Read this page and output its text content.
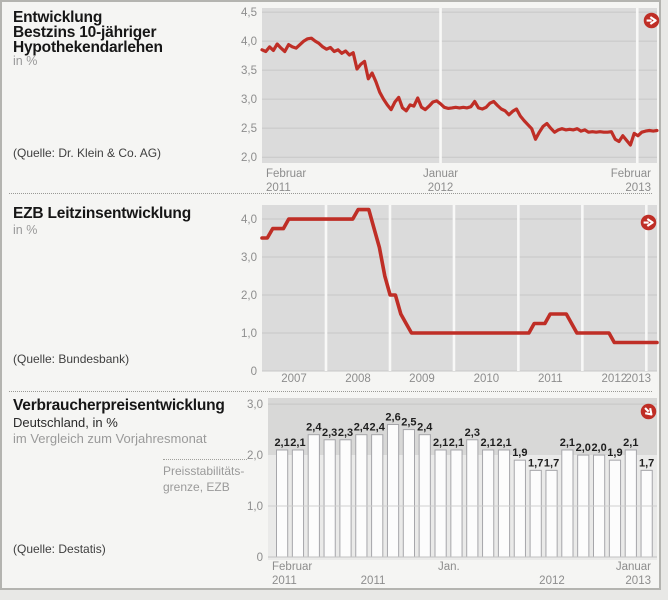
4,5
4,0
3,5
3,0
2,5
2,0
Februar
2011
Januar
2012
Februar
2013
4,0
3,0
2,0
1,0
0
2007	2008	2009	2010	2011	2012
2013
2,1 2,1
2,4 2,3 2,3 2,4 2,4
2,6 2,5 2,4
2,1 2,1
2,3
2,1 2,1
1,9
1,7 1,7
2,1 2,0 2,0 1,9
2,1
1,7
3,0
2,0
1,0
0
Februar
2011	2011
Jan.
2012
Januar
2013
Entwicklung
Bestzins 10-jähriger
Hypothekendarlehen
in %
(Quelle: Dr. Klein & Co. AG)
EZB Leitzinsentwicklung
in %
(Quelle: Bundesbank)
Verbraucherpreisentwicklung
Deutschland, in %
im Vergleich zum Vorjahresmonat
Preisstabilitäts-
grenze, EZB
(Quelle: Destatis)
